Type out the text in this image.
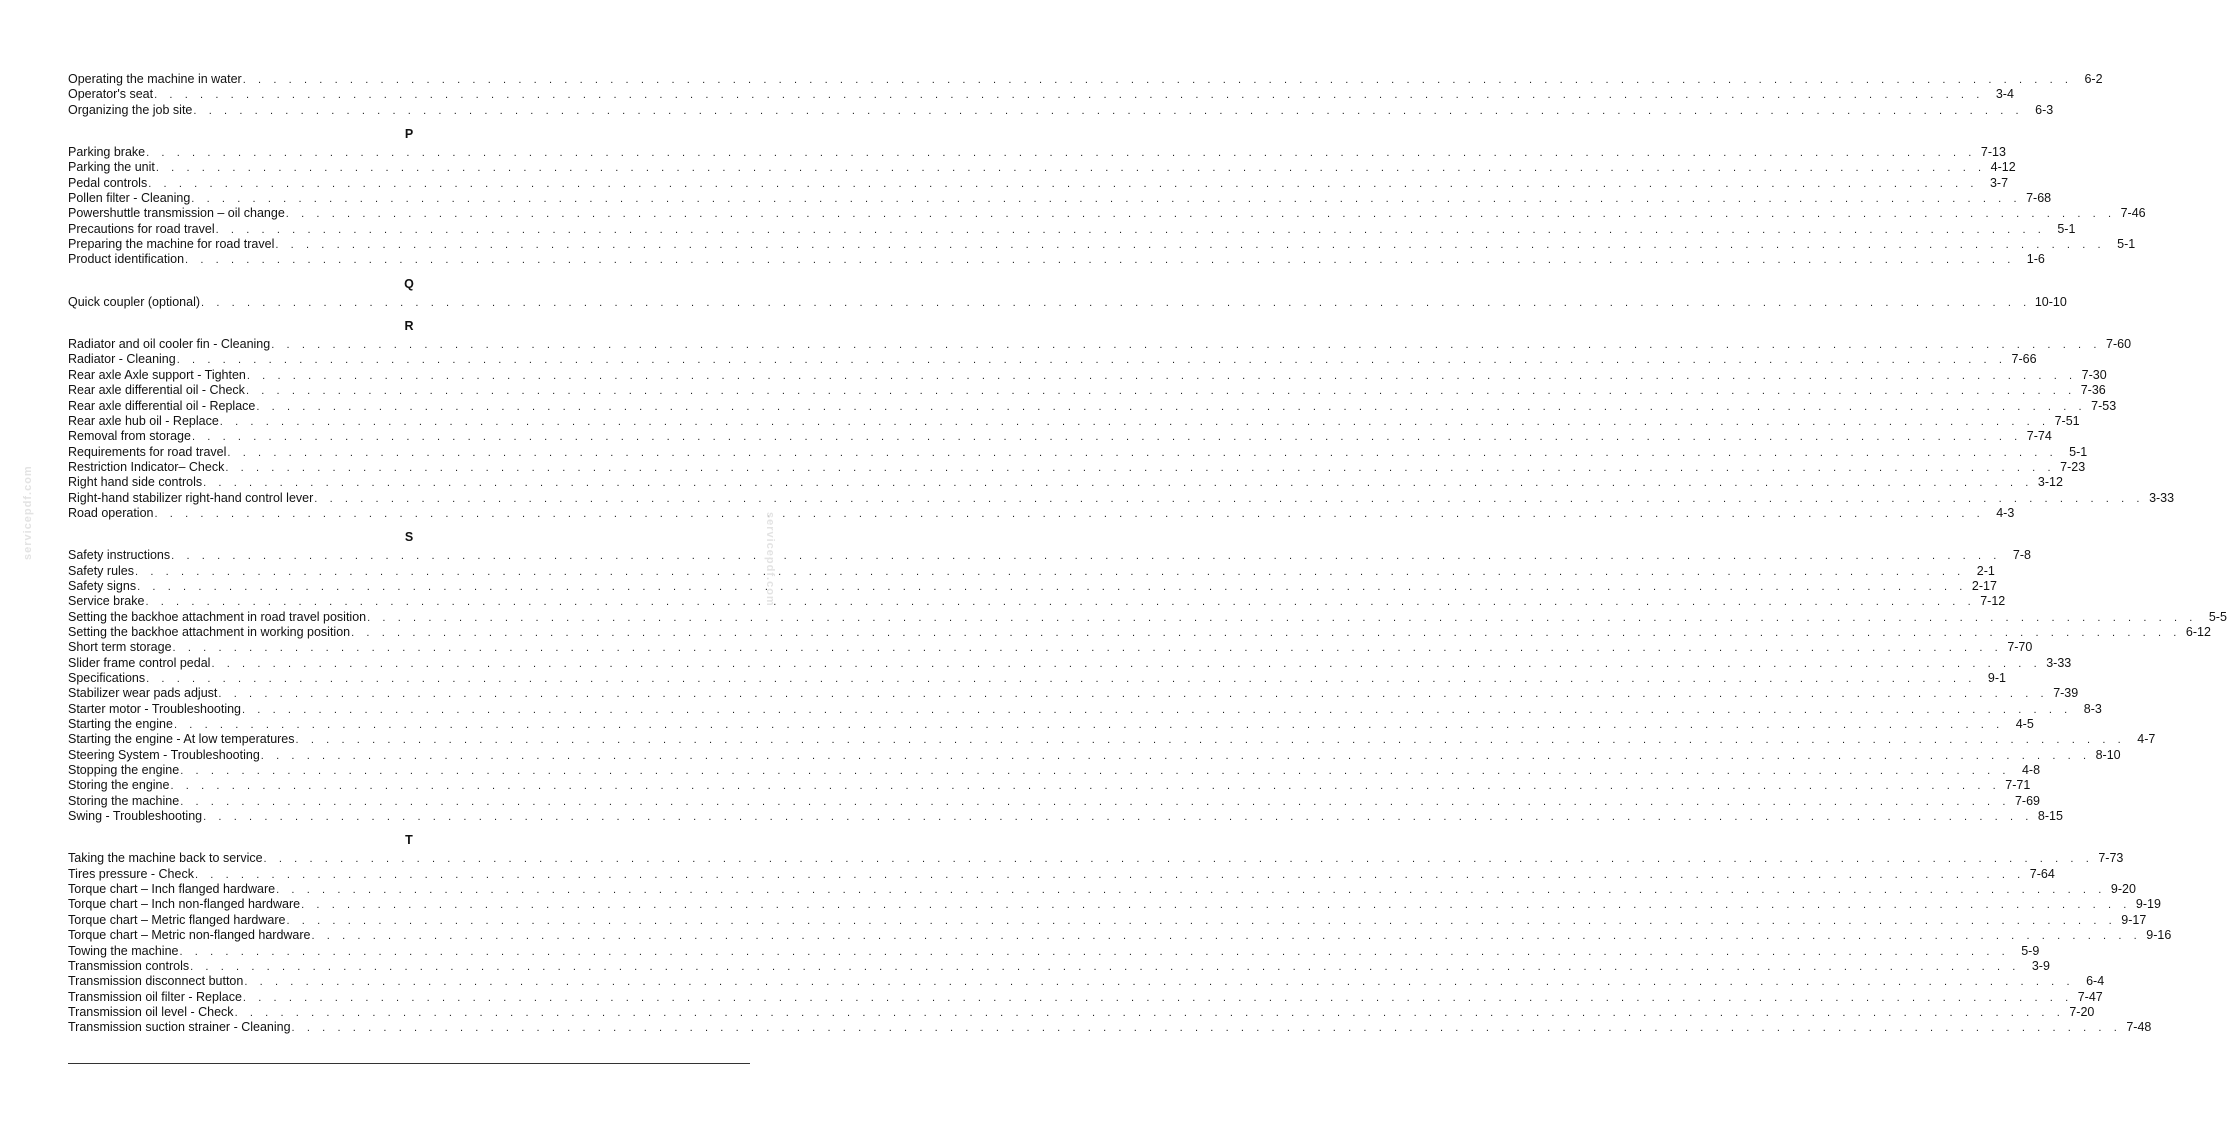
Operating the machine in water . . . . . . . . . . . . . . . . . . . . . . . . . . . . . . . . . . . . . . . . . . . . . . . . . . . . . . . . . . . . . . . . . . . . . . . . . . . . . . . . . . . . . . . . . . . . . . . . . . . . . . . . . . . . . . . . . . . . . . . . 6-2
Operator's seat . . . . . . . . . . . . . . . . . . . . . . . . . . . . . . . . . . . . . . . . . . . . . . . . . . . . . . . . . . . . . . . . . . . . . . . . . . . . . . . . . . . . . . . . . . . . . . . . . . . . . . . . . . . . . . . . . . . . . . . . 3-4
Organizing the job site . . . . . . . . . . . . . . . . . . . . . . . . . . . . . . . . . . . . . . . . . . . . . . . . . . . . . . . . . . . . . . . . . . . . . . . . . . . . . . . . . . . . . . . . . . . . . . . . . . . . . . . . . . . . . . . . . . . . . . . . 6-3
P
Parking brake . . . . . . . . . . . . . . . . . . . . . . . . . . . . . . . . . . . . . . . . . . . . . . . . . . . . . . . . . . . . . . . . . . . . . . . . . . . . . . . . . . . . . . . . . . . . . . . . . . . . . . . . . . . . . . . . . . . . . . . . 7-13
Parking the unit . . . . . . . . . . . . . . . . . . . . . . . . . . . . . . . . . . . . . . . . . . . . . . . . . . . . . . . . . . . . . . . . . . . . . . . . . . . . . . . . . . . . . . . . . . . . . . . . . . . . . . . . . . . . . . . . . . . . . . . . 4-12
Pedal controls . . . . . . . . . . . . . . . . . . . . . . . . . . . . . . . . . . . . . . . . . . . . . . . . . . . . . . . . . . . . . . . . . . . . . . . . . . . . . . . . . . . . . . . . . . . . . . . . . . . . . . . . . . . . . . . . . . . . . . . . 3-7
Pollen filter - Cleaning . . . . . . . . . . . . . . . . . . . . . . . . . . . . . . . . . . . . . . . . . . . . . . . . . . . . . . . . . . . . . . . . . . . . . . . . . . . . . . . . . . . . . . . . . . . . . . . . . . . . . . . . . . . . . . . . . . . . . . . . 7-68
Powershuttle transmission – oil change . . . . . . . . . . . . . . . . . . . . . . . . . . . . . . . . . . . . . . . . . . . . . . . . . . . . . . . . . . . . . . . . . . . . . . . . . . . . . . . . . . . . . . . . . . . . . . . . . . . . . . . . . . . . . . . . . . . . . . . . 7-46
Precautions for road travel . . . . . . . . . . . . . . . . . . . . . . . . . . . . . . . . . . . . . . . . . . . . . . . . . . . . . . . . . . . . . . . . . . . . . . . . . . . . . . . . . . . . . . . . . . . . . . . . . . . . . . . . . . . . . . . . . . . . . . . . 5-1
Preparing the machine for road travel . . . . . . . . . . . . . . . . . . . . . . . . . . . . . . . . . . . . . . . . . . . . . . . . . . . . . . . . . . . . . . . . . . . . . . . . . . . . . . . . . . . . . . . . . . . . . . . . . . . . . . . . . . . . . . . . . . . . . . . . 5-1
Product identification . . . . . . . . . . . . . . . . . . . . . . . . . . . . . . . . . . . . . . . . . . . . . . . . . . . . . . . . . . . . . . . . . . . . . . . . . . . . . . . . . . . . . . . . . . . . . . . . . . . . . . . . . . . . . . . . . . . . . . . . 1-6
Q
Quick coupler (optional) . . . . . . . . . . . . . . . . . . . . . . . . . . . . . . . . . . . . . . . . . . . . . . . . . . . . . . . . . . . . . . . . . . . . . . . . . . . . . . . . . . . . . . . . . . . . . . . . . . . . . . . . . . . . . . . . . . . . . . . . 10-10
R
Radiator and oil cooler fin - Cleaning . . . . . . . . . . . . . . . . . . . . . . . . . . . . . . . . . . . . . . . . . . . . . . . . . . . . . . . . . . . . . . . . . . . . . . . . . . . . . . . . . . . . . . . . . . . . . . . . . . . . . . . . . . . . . . . . . . . . . . . . 7-60
Radiator - Cleaning . . . . . . . . . . . . . . . . . . . . . . . . . . . . . . . . . . . . . . . . . . . . . . . . . . . . . . . . . . . . . . . . . . . . . . . . . . . . . . . . . . . . . . . . . . . . . . . . . . . . . . . . . . . . . . . . . . . . . . . . 7-66
Rear axle Axle support - Tighten . . . . . . . . . . . . . . . . . . . . . . . . . . . . . . . . . . . . . . . . . . . . . . . . . . . . . . . . . . . . . . . . . . . . . . . . . . . . . . . . . . . . . . . . . . . . . . . . . . . . . . . . . . . . . . . . . . . . . . . . 7-30
Rear axle differential oil - Check . . . . . . . . . . . . . . . . . . . . . . . . . . . . . . . . . . . . . . . . . . . . . . . . . . . . . . . . . . . . . . . . . . . . . . . . . . . . . . . . . . . . . . . . . . . . . . . . . . . . . . . . . . . . . . . . . . . . . . . . 7-36
Rear axle differential oil - Replace . . . . . . . . . . . . . . . . . . . . . . . . . . . . . . . . . . . . . . . . . . . . . . . . . . . . . . . . . . . . . . . . . . . . . . . . . . . . . . . . . . . . . . . . . . . . . . . . . . . . . . . . . . . . . . . . . . . . . . . . 7-53
Rear axle hub oil - Replace . . . . . . . . . . . . . . . . . . . . . . . . . . . . . . . . . . . . . . . . . . . . . . . . . . . . . . . . . . . . . . . . . . . . . . . . . . . . . . . . . . . . . . . . . . . . . . . . . . . . . . . . . . . . . . . . . . . . . . . . 7-51
Removal from storage . . . . . . . . . . . . . . . . . . . . . . . . . . . . . . . . . . . . . . . . . . . . . . . . . . . . . . . . . . . . . . . . . . . . . . . . . . . . . . . . . . . . . . . . . . . . . . . . . . . . . . . . . . . . . . . . . . . . . . . . 7-74
Requirements for road travel . . . . . . . . . . . . . . . . . . . . . . . . . . . . . . . . . . . . . . . . . . . . . . . . . . . . . . . . . . . . . . . . . . . . . . . . . . . . . . . . . . . . . . . . . . . . . . . . . . . . . . . . . . . . . . . . . . . . . . . . 5-1
Restriction Indicator– Check . . . . . . . . . . . . . . . . . . . . . . . . . . . . . . . . . . . . . . . . . . . . . . . . . . . . . . . . . . . . . . . . . . . . . . . . . . . . . . . . . . . . . . . . . . . . . . . . . . . . . . . . . . . . . . . . . . . . . . . . 7-23
Right hand side controls . . . . . . . . . . . . . . . . . . . . . . . . . . . . . . . . . . . . . . . . . . . . . . . . . . . . . . . . . . . . . . . . . . . . . . . . . . . . . . . . . . . . . . . . . . . . . . . . . . . . . . . . . . . . . . . . . . . . . . . . 3-12
Right-hand stabilizer right-hand control lever . . . . . . . . . . . . . . . . . . . . . . . . . . . . . . . . . . . . . . . . . . . . . . . . . . . . . . . . . . . . . . . . . . . . . . . . . . . . . . . . . . . . . . . . . . . . . . . . . . . . . . . . . . . . . . . . . . . . . . . . 3-33
Road operation . . . . . . . . . . . . . . . . . . . . . . . . . . . . . . . . . . . . . . . . . . . . . . . . . . . . . . . . . . . . . . . . . . . . . . . . . . . . . . . . . . . . . . . . . . . . . . . . . . . . . . . . . . . . . . . . . . . . . . . . 4-3
S
Safety instructions . . . . . . . . . . . . . . . . . . . . . . . . . . . . . . . . . . . . . . . . . . . . . . . . . . . . . . . . . . . . . . . . . . . . . . . . . . . . . . . . . . . . . . . . . . . . . . . . . . . . . . . . . . . . . . . . . . . . . . . . 7-8
Safety rules . . . . . . . . . . . . . . . . . . . . . . . . . . . . . . . . . . . . . . . . . . . . . . . . . . . . . . . . . . . . . . . . . . . . . . . . . . . . . . . . . . . . . . . . . . . . . . . . . . . . . . . . . . . . . . . . . . . . . . . . 2-1
Safety signs . . . . . . . . . . . . . . . . . . . . . . . . . . . . . . . . . . . . . . . . . . . . . . . . . . . . . . . . . . . . . . . . . . . . . . . . . . . . . . . . . . . . . . . . . . . . . . . . . . . . . . . . . . . . . . . . . . . . . . . . 2-17
Service brake . . . . . . . . . . . . . . . . . . . . . . . . . . . . . . . . . . . . . . . . . . . . . . . . . . . . . . . . . . . . . . . . . . . . . . . . . . . . . . . . . . . . . . . . . . . . . . . . . . . . . . . . . . . . . . . . . . . . . . . . 7-12
Setting the backhoe attachment in road travel position . . . . . . . . . . . . . . . . . . . . . . . . . . . . . . . . . . . . . . . . . . . . . . . . . . . . . . . . . . . . . . . . . . . . . . . . . . . . . . . . . . . . . . . . . . . . . . . . . . . . . . . . . . . . . . . . . . . . . . . . 5-5
Setting the backhoe attachment in working position . . . . . . . . . . . . . . . . . . . . . . . . . . . . . . . . . . . . . . . . . . . . . . . . . . . . . . . . . . . . . . . . . . . . . . . . . . . . . . . . . . . . . . . . . . . . . . . . . . . . . . . . . . . . . . . . . . . . . . . . 6-12
Short term storage . . . . . . . . . . . . . . . . . . . . . . . . . . . . . . . . . . . . . . . . . . . . . . . . . . . . . . . . . . . . . . . . . . . . . . . . . . . . . . . . . . . . . . . . . . . . . . . . . . . . . . . . . . . . . . . . . . . . . . . . 7-70
Slider frame control pedal . . . . . . . . . . . . . . . . . . . . . . . . . . . . . . . . . . . . . . . . . . . . . . . . . . . . . . . . . . . . . . . . . . . . . . . . . . . . . . . . . . . . . . . . . . . . . . . . . . . . . . . . . . . . . . . . . . . . . . . . 3-33
Specifications . . . . . . . . . . . . . . . . . . . . . . . . . . . . . . . . . . . . . . . . . . . . . . . . . . . . . . . . . . . . . . . . . . . . . . . . . . . . . . . . . . . . . . . . . . . . . . . . . . . . . . . . . . . . . . . . . . . . . . . . 9-1
Stabilizer wear pads adjust . . . . . . . . . . . . . . . . . . . . . . . . . . . . . . . . . . . . . . . . . . . . . . . . . . . . . . . . . . . . . . . . . . . . . . . . . . . . . . . . . . . . . . . . . . . . . . . . . . . . . . . . . . . . . . . . . . . . . . . . 7-39
Starter motor - Troubleshooting . . . . . . . . . . . . . . . . . . . . . . . . . . . . . . . . . . . . . . . . . . . . . . . . . . . . . . . . . . . . . . . . . . . . . . . . . . . . . . . . . . . . . . . . . . . . . . . . . . . . . . . . . . . . . . . . . . . . . . . . 8-3
Starting the engine . . . . . . . . . . . . . . . . . . . . . . . . . . . . . . . . . . . . . . . . . . . . . . . . . . . . . . . . . . . . . . . . . . . . . . . . . . . . . . . . . . . . . . . . . . . . . . . . . . . . . . . . . . . . . . . . . . . . . . . . 4-5
Starting the engine - At low temperatures . . . . . . . . . . . . . . . . . . . . . . . . . . . . . . . . . . . . . . . . . . . . . . . . . . . . . . . . . . . . . . . . . . . . . . . . . . . . . . . . . . . . . . . . . . . . . . . . . . . . . . . . . . . . . . . . . . . . . . . . 4-7
Steering System - Troubleshooting . . . . . . . . . . . . . . . . . . . . . . . . . . . . . . . . . . . . . . . . . . . . . . . . . . . . . . . . . . . . . . . . . . . . . . . . . . . . . . . . . . . . . . . . . . . . . . . . . . . . . . . . . . . . . . . . . . . . . . . . 8-10
Stopping the engine . . . . . . . . . . . . . . . . . . . . . . . . . . . . . . . . . . . . . . . . . . . . . . . . . . . . . . . . . . . . . . . . . . . . . . . . . . . . . . . . . . . . . . . . . . . . . . . . . . . . . . . . . . . . . . . . . . . . . . . . 4-8
Storing the engine . . . . . . . . . . . . . . . . . . . . . . . . . . . . . . . . . . . . . . . . . . . . . . . . . . . . . . . . . . . . . . . . . . . . . . . . . . . . . . . . . . . . . . . . . . . . . . . . . . . . . . . . . . . . . . . . . . . . . . . . 7-71
Storing the machine . . . . . . . . . . . . . . . . . . . . . . . . . . . . . . . . . . . . . . . . . . . . . . . . . . . . . . . . . . . . . . . . . . . . . . . . . . . . . . . . . . . . . . . . . . . . . . . . . . . . . . . . . . . . . . . . . . . . . . . . 7-69
Swing - Troubleshooting . . . . . . . . . . . . . . . . . . . . . . . . . . . . . . . . . . . . . . . . . . . . . . . . . . . . . . . . . . . . . . . . . . . . . . . . . . . . . . . . . . . . . . . . . . . . . . . . . . . . . . . . . . . . . . . . . . . . . . . . 8-15
T
Taking the machine back to service . . . . . . . . . . . . . . . . . . . . . . . . . . . . . . . . . . . . . . . . . . . . . . . . . . . . . . . . . . . . . . . . . . . . . . . . . . . . . . . . . . . . . . . . . . . . . . . . . . . . . . . . . . . . . . . . . . . . . . . . 7-73
Tires pressure - Check . . . . . . . . . . . . . . . . . . . . . . . . . . . . . . . . . . . . . . . . . . . . . . . . . . . . . . . . . . . . . . . . . . . . . . . . . . . . . . . . . . . . . . . . . . . . . . . . . . . . . . . . . . . . . . . . . . . . . . . . 7-64
Torque chart – Inch flanged hardware . . . . . . . . . . . . . . . . . . . . . . . . . . . . . . . . . . . . . . . . . . . . . . . . . . . . . . . . . . . . . . . . . . . . . . . . . . . . . . . . . . . . . . . . . . . . . . . . . . . . . . . . . . . . . . . . . . . . . . . . 9-20
Torque chart – Inch non-flanged hardware . . . . . . . . . . . . . . . . . . . . . . . . . . . . . . . . . . . . . . . . . . . . . . . . . . . . . . . . . . . . . . . . . . . . . . . . . . . . . . . . . . . . . . . . . . . . . . . . . . . . . . . . . . . . . . . . . . . . . . . . 9-19
Torque chart – Metric flanged hardware . . . . . . . . . . . . . . . . . . . . . . . . . . . . . . . . . . . . . . . . . . . . . . . . . . . . . . . . . . . . . . . . . . . . . . . . . . . . . . . . . . . . . . . . . . . . . . . . . . . . . . . . . . . . . . . . . . . . . . . . 9-17
Torque chart – Metric non-flanged hardware . . . . . . . . . . . . . . . . . . . . . . . . . . . . . . . . . . . . . . . . . . . . . . . . . . . . . . . . . . . . . . . . . . . . . . . . . . . . . . . . . . . . . . . . . . . . . . . . . . . . . . . . . . . . . . . . . . . . . . . . 9-16
Towing the machine . . . . . . . . . . . . . . . . . . . . . . . . . . . . . . . . . . . . . . . . . . . . . . . . . . . . . . . . . . . . . . . . . . . . . . . . . . . . . . . . . . . . . . . . . . . . . . . . . . . . . . . . . . . . . . . . . . . . . . . . 5-9
Transmission controls . . . . . . . . . . . . . . . . . . . . . . . . . . . . . . . . . . . . . . . . . . . . . . . . . . . . . . . . . . . . . . . . . . . . . . . . . . . . . . . . . . . . . . . . . . . . . . . . . . . . . . . . . . . . . . . . . . . . . . . . 3-9
Transmission disconnect button . . . . . . . . . . . . . . . . . . . . . . . . . . . . . . . . . . . . . . . . . . . . . . . . . . . . . . . . . . . . . . . . . . . . . . . . . . . . . . . . . . . . . . . . . . . . . . . . . . . . . . . . . . . . . . . . . . . . . . . . 6-4
Transmission oil filter - Replace . . . . . . . . . . . . . . . . . . . . . . . . . . . . . . . . . . . . . . . . . . . . . . . . . . . . . . . . . . . . . . . . . . . . . . . . . . . . . . . . . . . . . . . . . . . . . . . . . . . . . . . . . . . . . . . . . . . . . . . . 7-47
Transmission oil level - Check . . . . . . . . . . . . . . . . . . . . . . . . . . . . . . . . . . . . . . . . . . . . . . . . . . . . . . . . . . . . . . . . . . . . . . . . . . . . . . . . . . . . . . . . . . . . . . . . . . . . . . . . . . . . . . . . . . . . . . . . 7-20
Transmission suction strainer - Cleaning . . . . . . . . . . . . . . . . . . . . . . . . . . . . . . . . . . . . . . . . . . . . . . . . . . . . . . . . . . . . . . . . . . . . . . . . . . . . . . . . . . . . . . . . . . . . . . . . . . . . . . . . . . . . . . . . . . . . . . . . 7-48
servicepdf.com	servicepdf.com
